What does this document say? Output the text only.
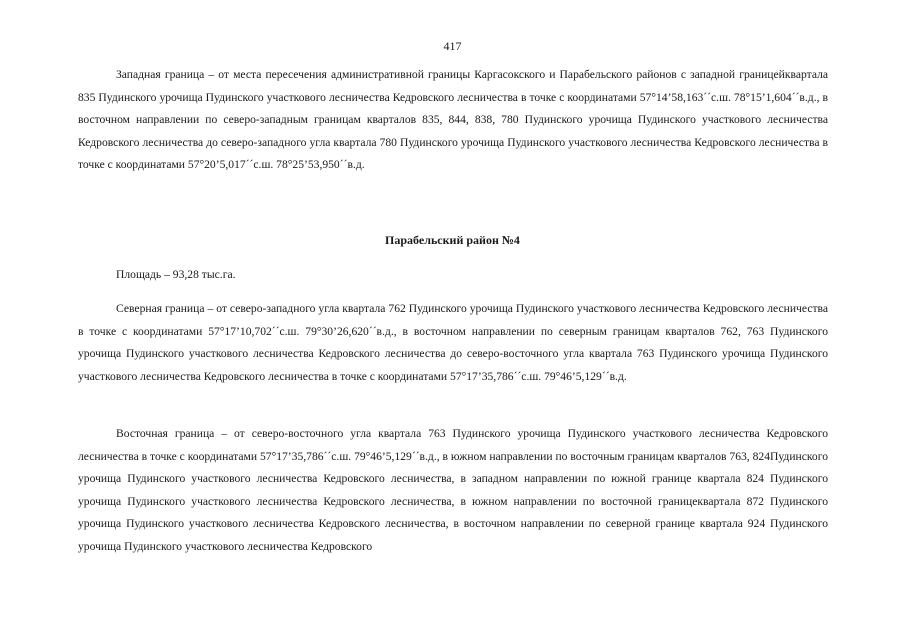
417
Западная граница – от места пересечения административной границы Каргасокского и Парабельского районов с западной границейквартала 835 Пудинского урочища Пудинского участкового лесничества Кедровского лесничества в точке с координатами 57°14’58,163´´с.ш. 78°15’1,604´´в.д., в восточном направлении по северо-западным границам кварталов 835, 844, 838, 780 Пудинского урочища Пудинского участкового лесничества Кедровского лесничества до северо-западного угла квартала 780 Пудинского урочища Пудинского участкового лесничества Кедровского лесничества в точке с координатами 57°20’5,017´´с.ш. 78°25’53,950´´в.д.
Парабельский район №4
Площадь – 93,28 тыс.га.
Северная граница – от северо-западного угла квартала 762 Пудинского урочища Пудинского участкового лесничества Кедровского лесничества в точке с координатами 57°17’10,702´´с.ш. 79°30’26,620´´в.д., в восточном направлении по северным границам кварталов 762, 763 Пудинского урочища Пудинского участкового лесничества Кедровского лесничества до северо-восточного угла квартала 763 Пудинского урочища Пудинского участкового лесничества Кедровского лесничества в точке с координатами 57°17’35,786´´с.ш. 79°46’5,129´´в.д.
Восточная граница – от северо-восточного угла квартала 763 Пудинского урочища Пудинского участкового лесничества Кедровского лесничества в точке с координатами 57°17’35,786´´с.ш. 79°46’5,129´´в.д., в южном направлении по восточным границам кварталов 763, 824Пудинского урочища Пудинского участкового лесничества Кедровского лесничества, в западном направлении по южной границе квартала 824 Пудинского урочища Пудинского участкового лесничества Кедровского лесничества, в южном направлении по восточной границеквартала 872 Пудинского урочища Пудинского участкового лесничества Кедровского лесничества, в восточном направлении по северной границе квартала 924 Пудинского урочища Пудинского участкового лесничества Кедровского
